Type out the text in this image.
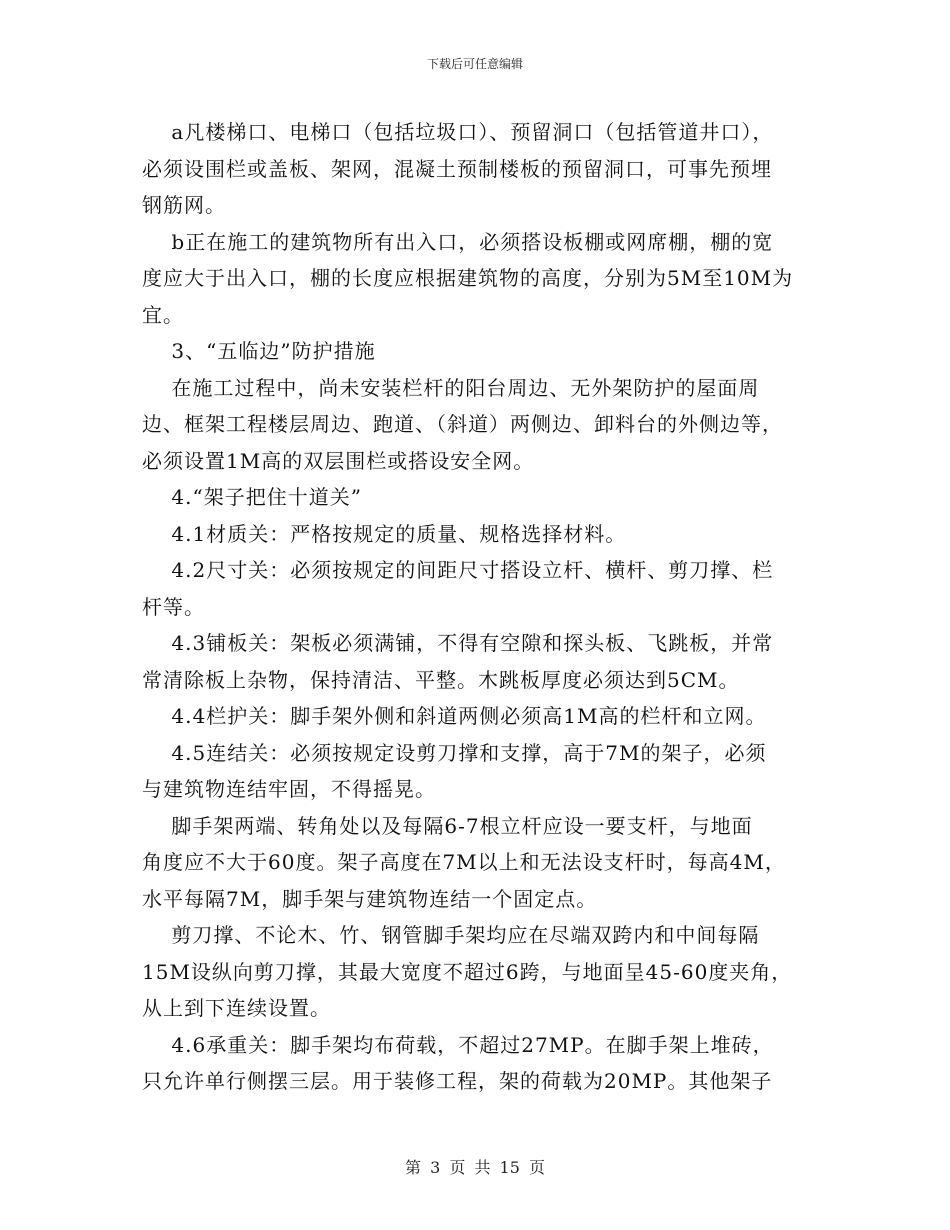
下载后可任意编辑

a凡楼梯口、电梯口（包括垃圾口）、预留洞口（包括管道井口），

必须设围栏或盖板、架网，混凝土预制楼板的预留洞口，可事先预埋

钢筋网。

b正在施工的建筑物所有出入口，必须搭设板棚或网席棚，棚的宽

度应大于出入口，棚的长度应根据建筑物的高度，分别为5M至10M为

宜。

3、“五临边”防护措施

在施工过程中，尚未安装栏杆的阳台周边、无外架防护的屋面周

边、框架工程楼层周边、跑道、（斜道）两侧边、卸料台的外侧边等，

必须设置1M高的双层围栏或搭设安全网。

4.“架子把住十道关”

4.1材质关：严格按规定的质量、规格选择材料。

4.2尺寸关：必须按规定的间距尺寸搭设立杆、横杆、剪刀撑、栏

杆等。

4.3铺板关：架板必须满铺，不得有空隙和探头板、飞跳板，并常

常清除板上杂物，保持清洁、平整。木跳板厚度必须达到5CM。

4.4栏护关：脚手架外侧和斜道两侧必须高1M高的栏杆和立网。

4.5连结关：必须按规定设剪刀撑和支撑，高于7M的架子，必须

与建筑物连结牢固，不得摇晃。

脚手架两端、转角处以及每隔6-7根立杆应设一要支杆，与地面

角度应不大于60度。架子高度在7M以上和无法设支杆时，每高4M，

水平每隔7M，脚手架与建筑物连结一个固定点。

剪刀撑、不论木、竹、钢管脚手架均应在尽端双跨内和中间每隔

15M设纵向剪刀撑，其最大宽度不超过6跨，与地面呈45-60度夹角，

从上到下连续设置。

4.6承重关：脚手架均布荷载，不超过27MP。在脚手架上堆砖，

只允许单行侧摆三层。用于装修工程，架的荷载为20MP。其他架子

第 3 页 共 15 页
